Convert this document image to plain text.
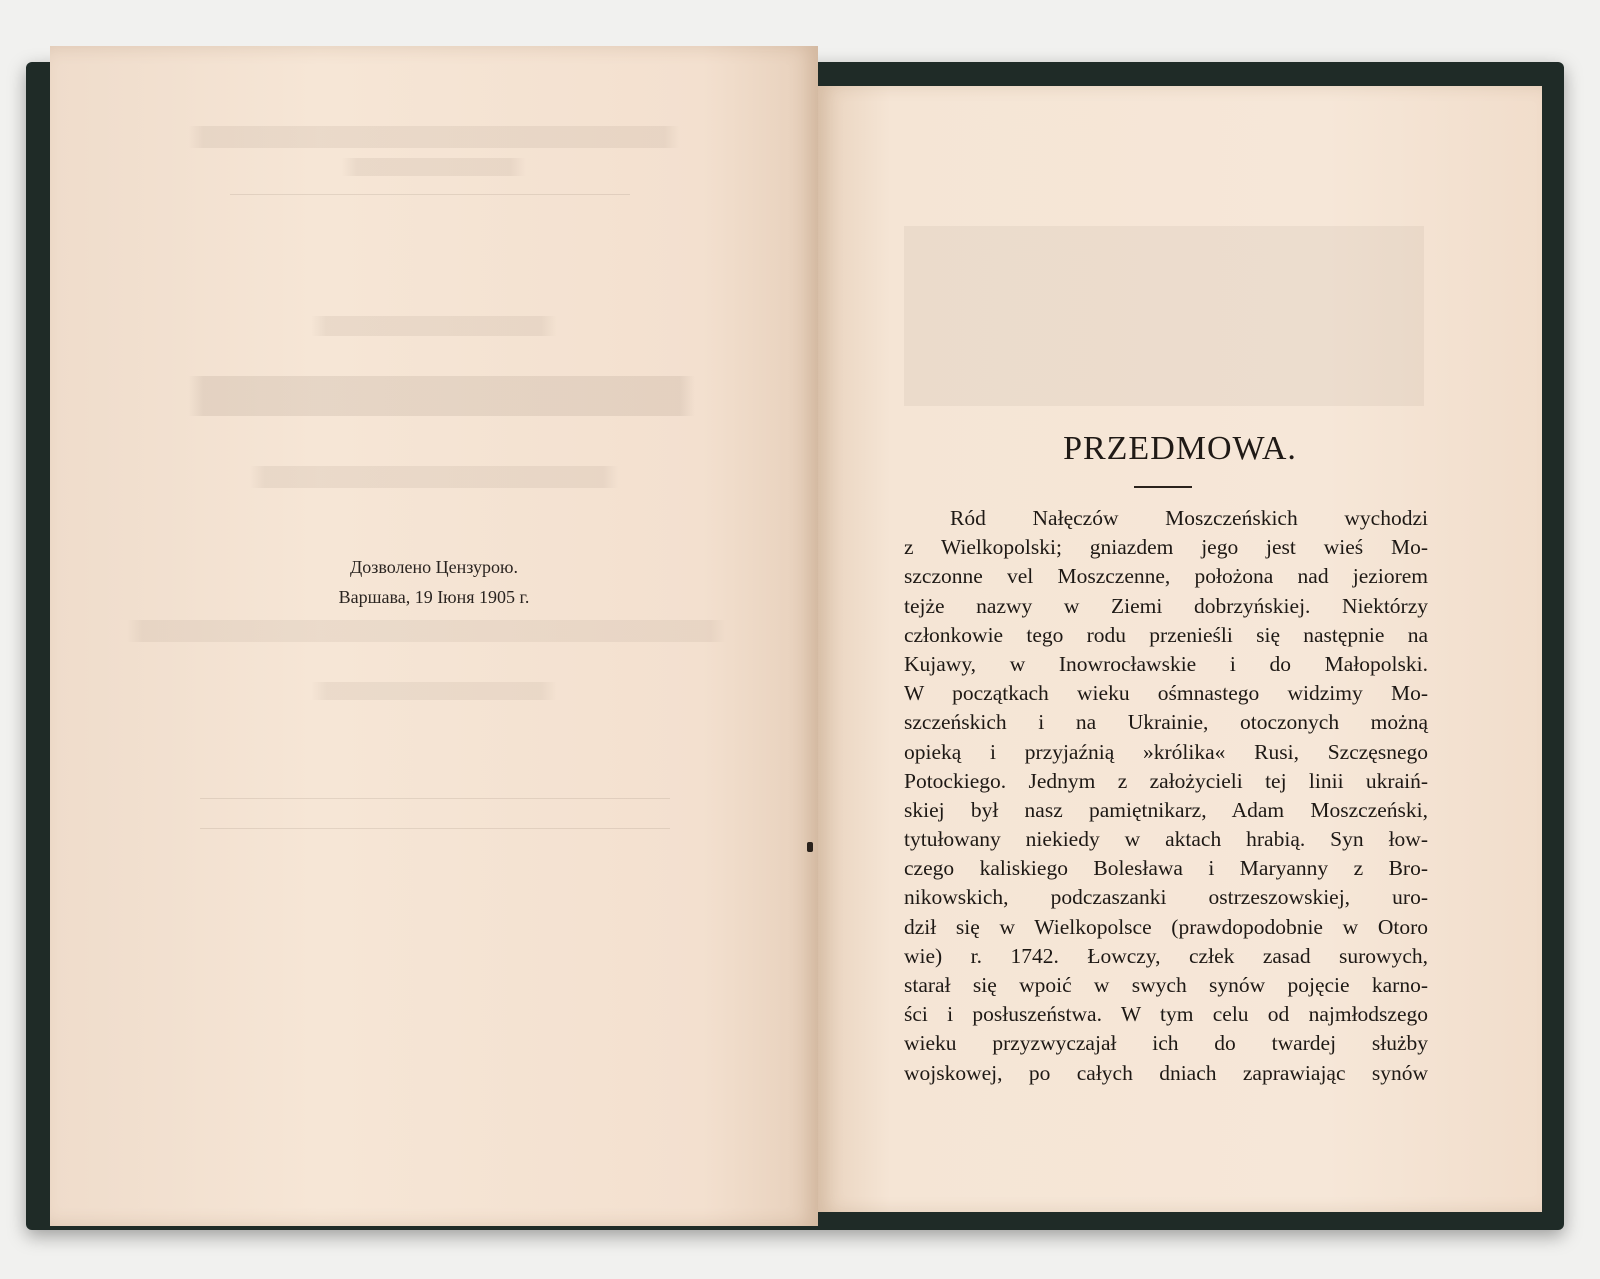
Дозволено Цензурою.
Варшава, 19 Іюня 1905 г.
PRZEDMOWA.
Ród Nałęczów Moszczeńskich wychodzi
z Wielkopolski; gniazdem jego jest wieś Mo-
szczonne vel Moszczenne, położona nad jeziorem
tejże nazwy w Ziemi dobrzyńskiej. Niektórzy
członkowie tego rodu przenieśli się następnie na
Kujawy, w Inowrocławskie i do Małopolski.
W początkach wieku ośmnastego widzimy Mo-
szczeńskich i na Ukrainie, otoczonych możną
opieką i przyjaźnią »królika« Rusi, Szczęsnego
Potockiego. Jednym z założycieli tej linii ukraiń-
skiej był nasz pamiętnikarz, Adam Moszczeński,
tytułowany niekiedy w aktach hrabią. Syn łow-
czego kaliskiego Bolesława i Maryanny z Bro-
nikowskich, podczaszanki ostrzeszowskiej, uro-
dził się w Wielkopolsce (prawdopodobnie w Otoro
wie) r. 1742. Łowczy, człek zasad surowych,
starał się wpoić w swych synów pojęcie karno-
ści i posłuszeństwa. W tym celu od najmłodszego
wieku przyzwyczajał ich do twardej służby
wojskowej, po całych dniach zaprawiając synów
